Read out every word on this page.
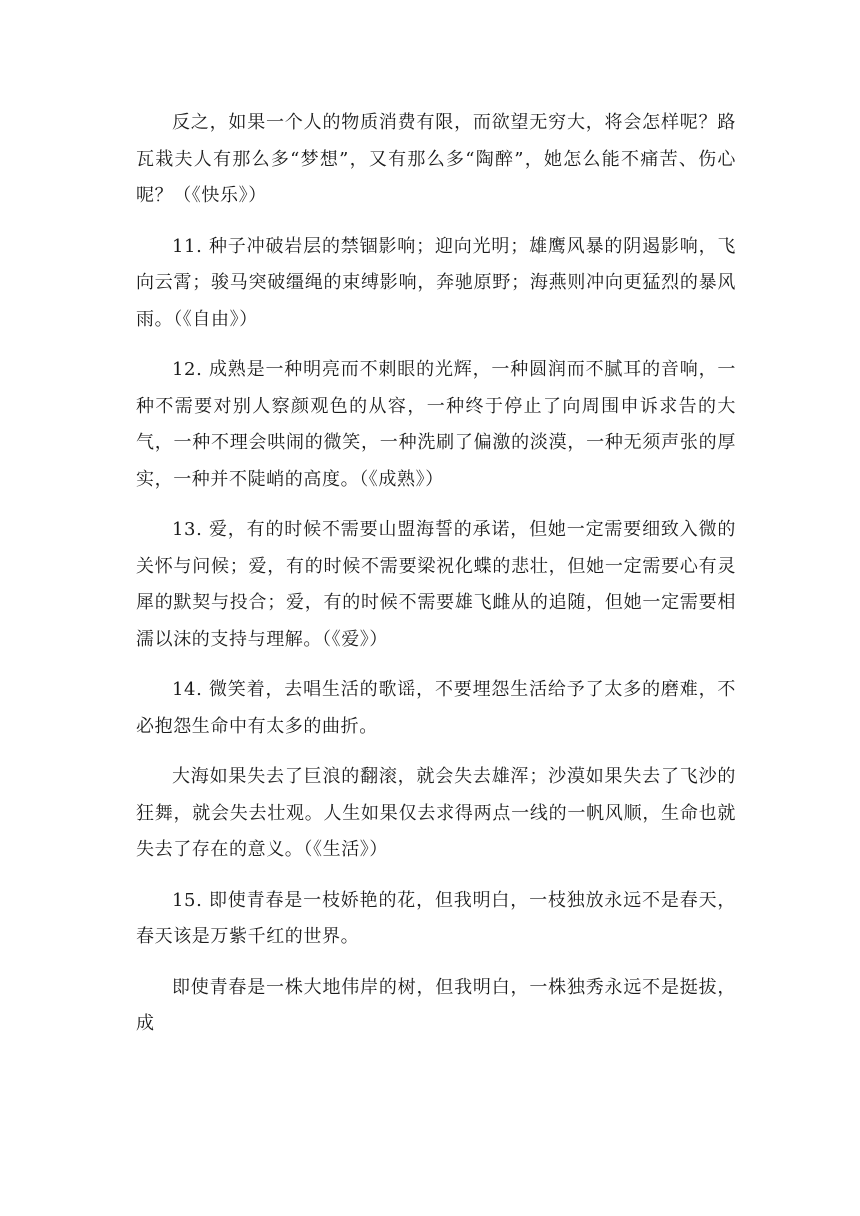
反之，如果一个人的物质消费有限，而欲望无穷大，将会怎样呢？路瓦栽夫人有那么多“梦想”，又有那么多“陶醉”，她怎么能不痛苦、伤心呢？（《快乐》）

11. 种子冲破岩层的禁锢影响；迎向光明；雄鹰风暴的阴遏影响，飞向云霄；骏马突破缰绳的束缚影响，奔驰原野；海燕则冲向更猛烈的暴风雨。（《自由》）

12. 成熟是一种明亮而不刺眼的光辉，一种圆润而不腻耳的音响，一种不需要对别人察颜观色的从容，一种终于停止了向周围申诉求告的大气，一种不理会哄闹的微笑，一种洗刷了偏激的淡漠，一种无须声张的厚实，一种并不陡峭的高度。（《成熟》）

13. 爱，有的时候不需要山盟海誓的承诺，但她一定需要细致入微的关怀与问候；爱，有的时候不需要梁祝化蝶的悲壮，但她一定需要心有灵犀的默契与投合；爱，有的时候不需要雄飞雌从的追随，但她一定需要相濡以沫的支持与理解。（《爱》）

14. 微笑着，去唱生活的歌谣，不要埋怨生活给予了太多的磨难，不必抱怨生命中有太多的曲折。

大海如果失去了巨浪的翻滚，就会失去雄浑；沙漠如果失去了飞沙的狂舞，就会失去壮观。人生如果仅去求得两点一线的一帆风顺，生命也就失去了存在的意义。（《生活》）

15. 即使青春是一枝娇艳的花，但我明白，一枝独放永远不是春天，春天该是万紫千红的世界。

即使青春是一株大地伟岸的树，但我明白，一株独秀永远不是挺拔，成
